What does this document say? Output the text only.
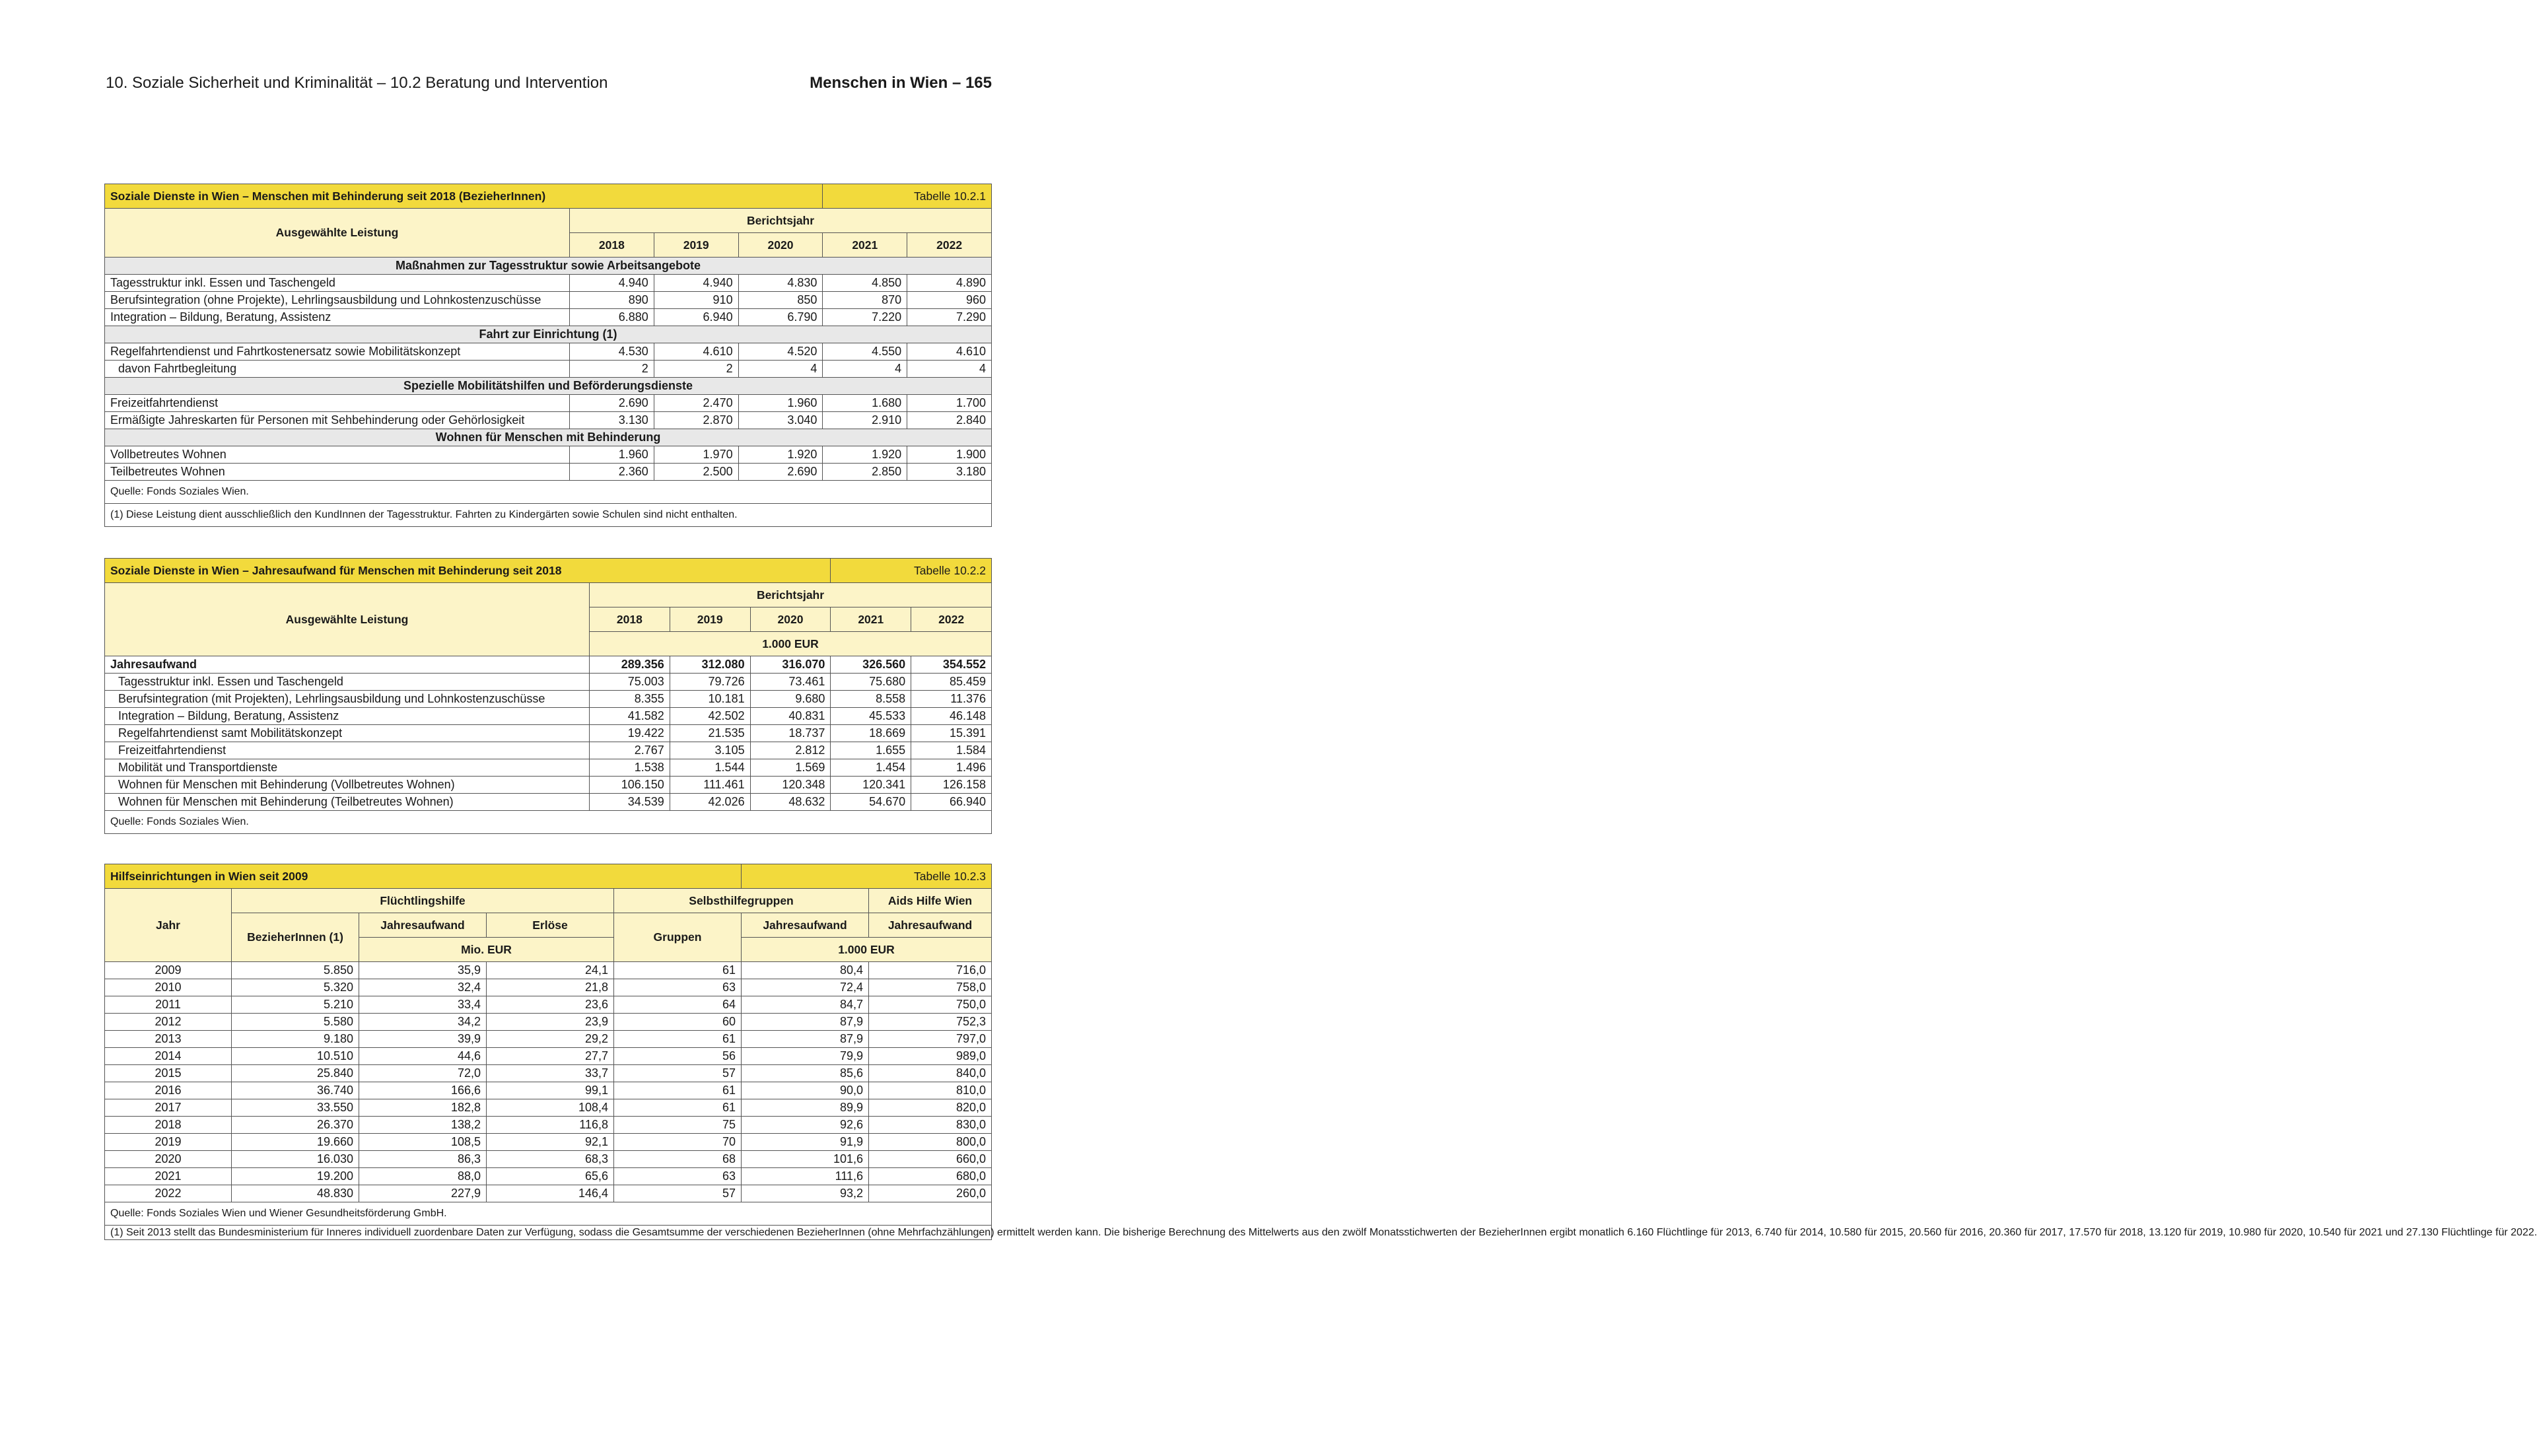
10. Soziale Sicherheit und Kriminalität – 10.2 Beratung und Intervention	Menschen in Wien – 165
Soziale Dienste in Wien – Menschen mit Behinderung seit 2018 (BezieherInnen)				Tabelle 10.2.1	
Ausgewählte Leistung	Berichtsjahr				
	2018	2019	2020	2021	2022
Maßnahmen zur Tagesstruktur sowie Arbeitsangebote					
Tagesstruktur inkl. Essen und Taschengeld	4.940	4.940	4.830	4.850	4.890
Berufsintegration (ohne Projekte), Lehrlingsausbildung und Lohnkostenzuschüsse	890	910	850	870	960
Integration – Bildung, Beratung, Assistenz	6.880	6.940	6.790	7.220	7.290
Fahrt zur Einrichtung (1)					
Regelfahrtendienst und Fahrtkostenersatz sowie Mobilitätskonzept	4.530	4.610	4.520	4.550	4.610
davon Fahrtbegleitung	2	2	4	4	4
Spezielle Mobilitätshilfen und Beförderungsdienste					
Freizeitfahrtendienst	2.690	2.470	1.960	1.680	1.700
Ermäßigte Jahreskarten für Personen mit Sehbehinderung oder Gehörlosigkeit	3.130	2.870	3.040	2.910	2.840
Wohnen für Menschen mit Behinderung					
Vollbetreutes Wohnen	1.960	1.970	1.920	1.920	1.900
Teilbetreutes Wohnen	2.360	2.500	2.690	2.850	3.180
Quelle: Fonds Soziales Wien.					
(1) Diese Leistung dient ausschließlich den KundInnen der Tagesstruktur. Fahrten zu Kindergärten sowie Schulen sind nicht enthalten.					
Soziale Dienste in Wien – Jahresaufwand für Menschen mit Behinderung seit 2018				Tabelle 10.2.2	
Ausgewählte Leistung	Berichtsjahr				
	2018	2019	2020	2021	2022
	1.000 EUR				
Jahresaufwand	289.356	312.080	316.070	326.560	354.552
Tagesstruktur inkl. Essen und Taschengeld	75.003	79.726	73.461	75.680	85.459
Berufsintegration (mit Projekten), Lehrlingsausbildung und Lohnkostenzuschüsse	8.355	10.181	9.680	8.558	11.376
Integration – Bildung, Beratung, Assistenz	41.582	42.502	40.831	45.533	46.148
Regelfahrtendienst samt Mobilitätskonzept	19.422	21.535	18.737	18.669	15.391
Freizeitfahrtendienst	2.767	3.105	2.812	1.655	1.584
Mobilität und Transportdienste	1.538	1.544	1.569	1.454	1.496
Wohnen für Menschen mit Behinderung (Vollbetreutes Wohnen)	106.150	111.461	120.348	120.341	126.158
Wohnen für Menschen mit Behinderung (Teilbetreutes Wohnen)	34.539	42.026	48.632	54.670	66.940
Quelle: Fonds Soziales Wien.					
Hilfseinrichtungen in Wien seit 2009					Tabelle 10.2.3	
Jahr	Flüchtlingshilfe			Selbsthilfegruppen		Aids Hilfe Wien
	BezieherInnen (1)	Jahresaufwand	Erlöse	Gruppen	Jahresaufwand	Jahresaufwand
		Mio. EUR			1.000 EUR	
2009	5.850	35,9	24,1	61	80,4	716,0
2010	5.320	32,4	21,8	63	72,4	758,0
2011	5.210	33,4	23,6	64	84,7	750,0
2012	5.580	34,2	23,9	60	87,9	752,3
2013	9.180	39,9	29,2	61	87,9	797,0
2014	10.510	44,6	27,7	56	79,9	989,0
2015	25.840	72,0	33,7	57	85,6	840,0
2016	36.740	166,6	99,1	61	90,0	810,0
2017	33.550	182,8	108,4	61	89,9	820,0
2018	26.370	138,2	116,8	75	92,6	830,0
2019	19.660	108,5	92,1	70	91,9	800,0
2020	16.030	86,3	68,3	68	101,6	660,0
2021	19.200	88,0	65,6	63	111,6	680,0
2022	48.830	227,9	146,4	57	93,2	260,0
Quelle: Fonds Soziales Wien und Wiener Gesundheitsförderung GmbH.						
(1) Seit 2013 stellt das Bundesministerium für Inneres individuell zuordenbare Daten zur Verfügung, sodass die Gesamtsumme der verschiedenen BezieherInnen (ohne Mehrfachzählungen) ermittelt werden kann. Die bisherige Berechnung des Mittelwerts aus den zwölf Monatsstichwerten der BezieherInnen ergibt monatlich 6.160 Flüchtlinge für 2013, 6.740 für 2014, 10.580 für 2015, 20.560 für 2016, 20.360 für 2017, 17.570 für 2018, 13.120 für 2019, 10.980 für 2020, 10.540 für 2021 und 27.130 Flüchtlinge für 2022.						
